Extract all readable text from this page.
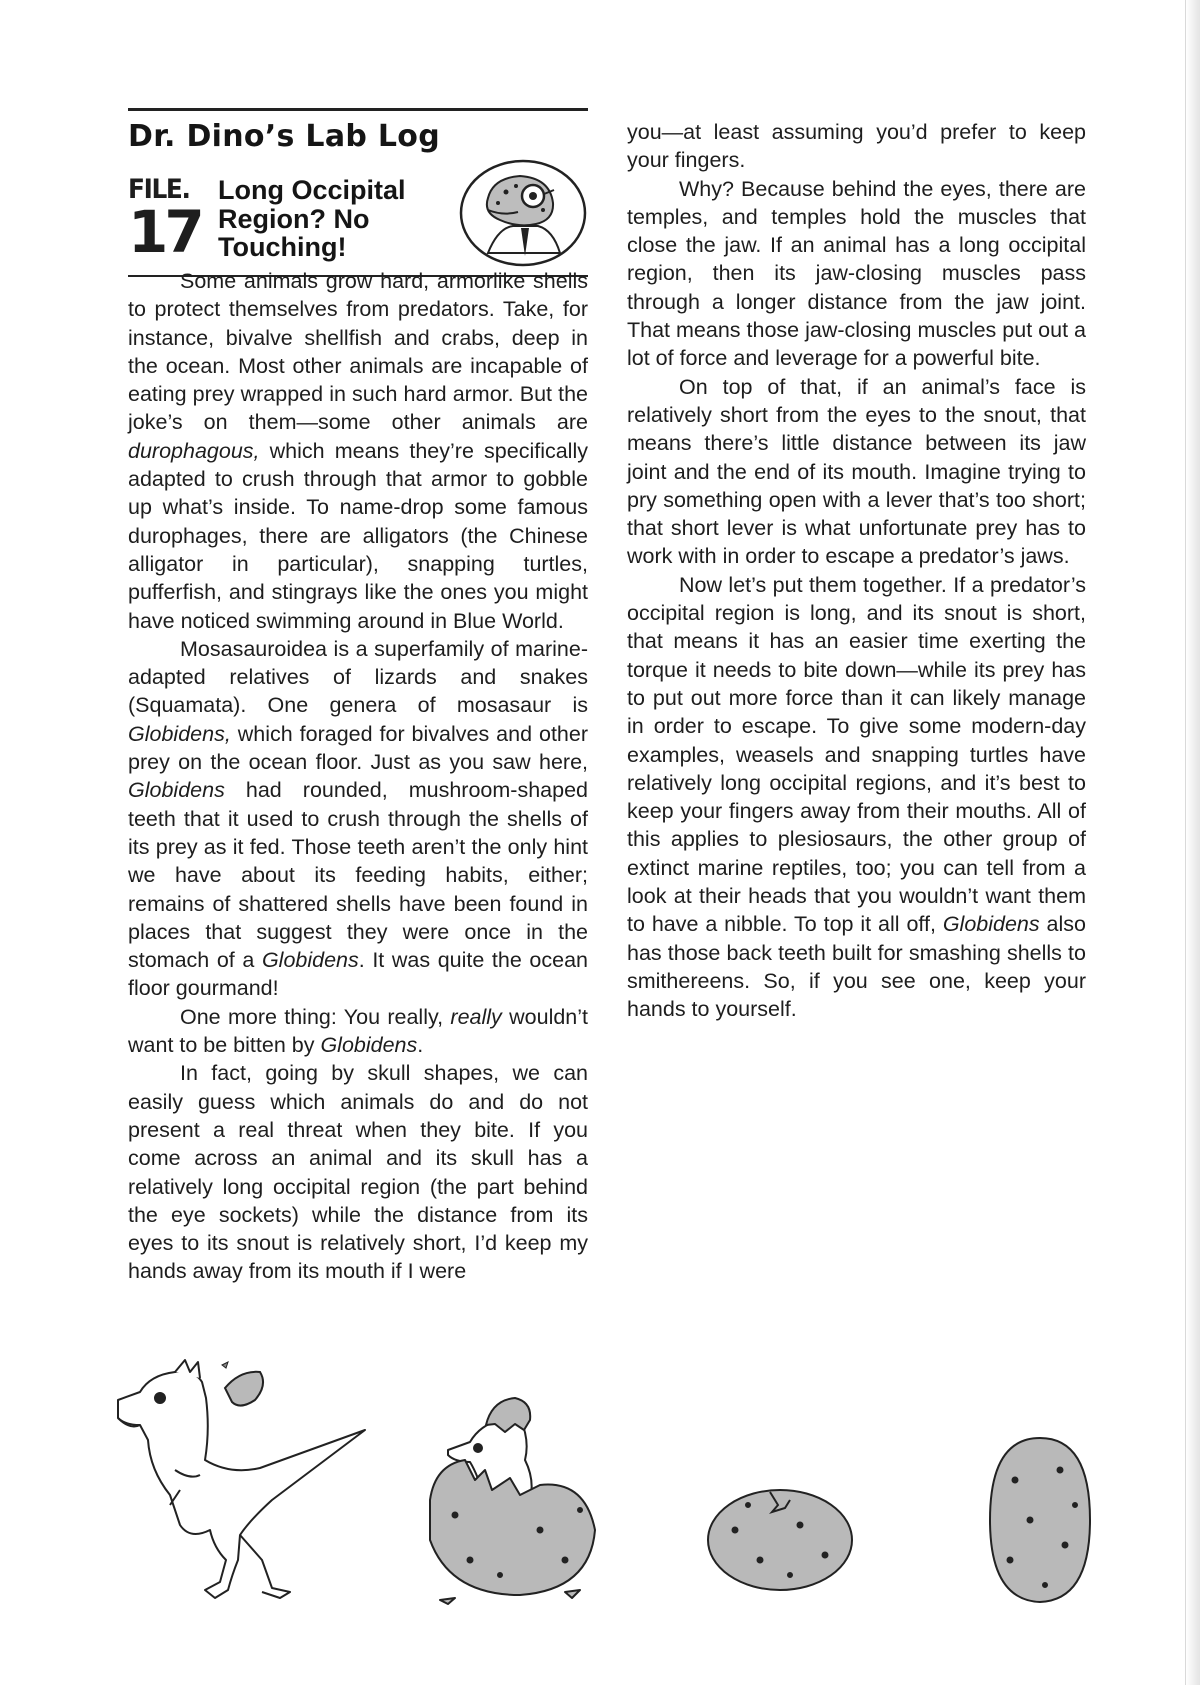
Dr. Dino’s Lab Log
FILE.
17
Long Occipital
Region? No
Touching!

Some animals grow hard, armorlike shells to protect themselves from predators. Take, for instance, bivalve shellfish and crabs, deep in the ocean. Most other animals are incapable of eating prey wrapped in such hard armor. But the joke’s on them—some other animals are durophagous, which means they’re specifically adapted to crush through that armor to gobble up what’s inside. To name-drop some famous durophages, there are alligators (the Chinese alligator in particular), snapping turtles, pufferfish, and stingrays like the ones you might have noticed swimming around in Blue World.

Mosasauroidea is a superfamily of marine-adapted relatives of lizards and snakes (Squamata). One genera of mosasaur is Globidens, which foraged for bivalves and other prey on the ocean floor. Just as you saw here, Globidens had rounded, mushroom-shaped teeth that it used to crush through the shells of its prey as it fed. Those teeth aren’t the only hint we have about its feeding habits, either; remains of shattered shells have been found in places that suggest they were once in the stomach of a Globidens. It was quite the ocean floor gourmand!

One more thing: You really, really wouldn’t want to be bitten by Globidens.

In fact, going by skull shapes, we can easily guess which animals do and do not present a real threat when they bite. If you come across an animal and its skull has a relatively long occipital region (the part behind the eye sockets) while the distance from its eyes to its snout is relatively short, I’d keep my hands away from its mouth if I were

you—at least assuming you’d prefer to keep your fingers.

Why? Because behind the eyes, there are temples, and temples hold the muscles that close the jaw. If an animal has a long occipital region, then its jaw-closing muscles pass through a longer distance from the jaw joint. That means those jaw-closing muscles put out a lot of force and leverage for a powerful bite.

On top of that, if an animal’s face is relatively short from the eyes to the snout, that means there’s little distance between its jaw joint and the end of its mouth. Imagine trying to pry something open with a lever that’s too short; that short lever is what unfortunate prey has to work with in order to escape a predator’s jaws.

Now let’s put them together. If a predator’s occipital region is long, and its snout is short, that means it has an easier time exerting the torque it needs to bite down—while its prey has to put out more force than it can likely manage in order to escape. To give some modern-day examples, weasels and snapping turtles have relatively long occipital regions, and it’s best to keep your fingers away from their mouths. All of this applies to plesiosaurs, the other group of extinct marine reptiles, too; you can tell from a look at their heads that you wouldn’t want them to have a nibble. To top it all off, Globidens also has those back teeth built for smashing shells to smithereens. So, if you see one, keep your hands to yourself.
